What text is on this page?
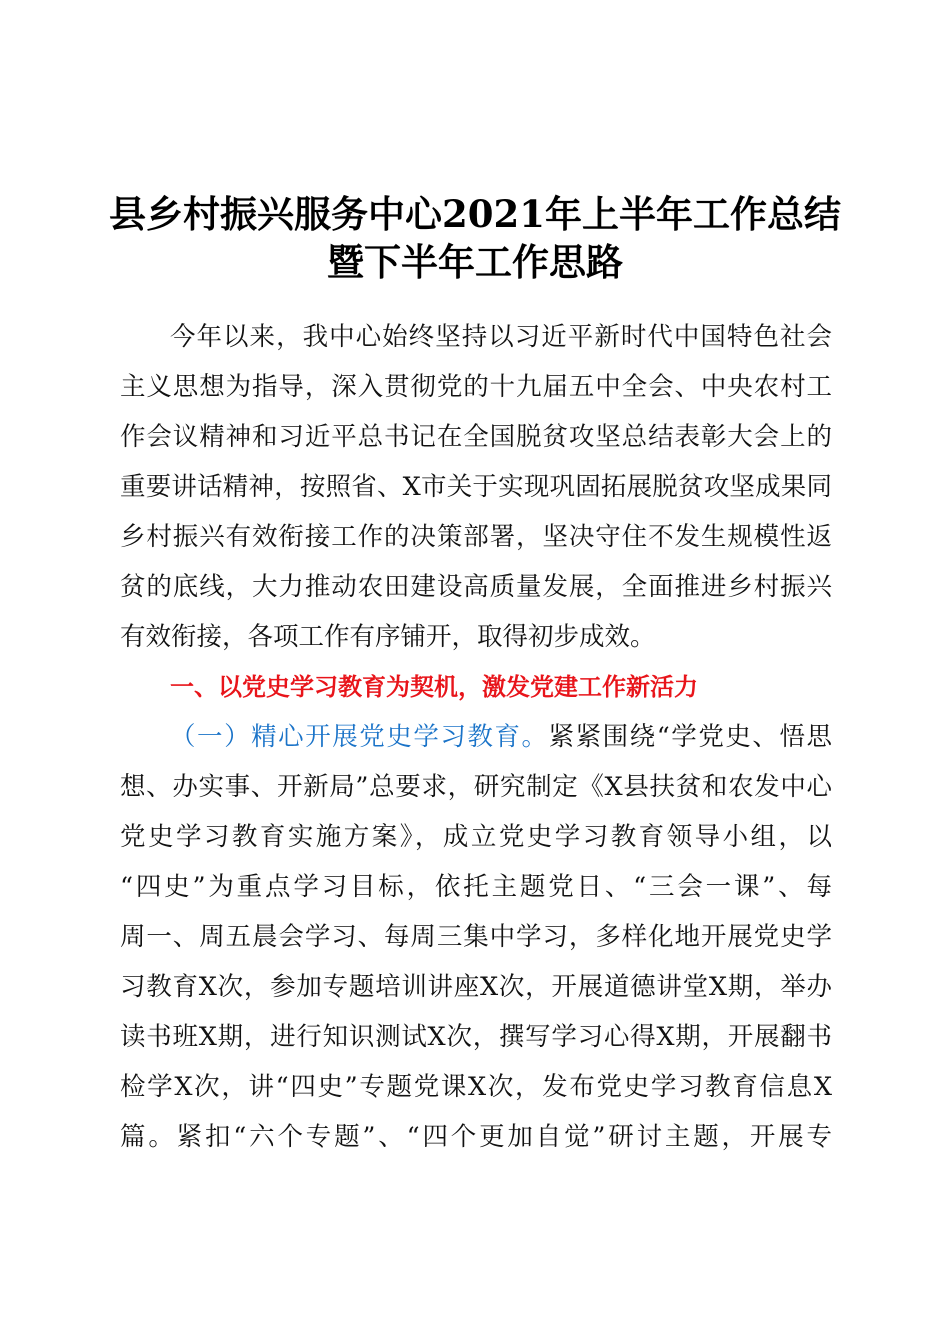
县乡村振兴服务中心2021年上半年工作总结
暨下半年工作思路
今年以来，我中心始终坚持以习近平新时代中国特色社会
主义思想为指导，深入贯彻党的十九届五中全会、中央农村工
作会议精神和习近平总书记在全国脱贫攻坚总结表彰大会上的
重要讲话精神，按照省、X市关于实现巩固拓展脱贫攻坚成果同
乡村振兴有效衔接工作的决策部署，坚决守住不发生规模性返
贫的底线，大力推动农田建设高质量发展，全面推进乡村振兴
有效衔接，各项工作有序铺开，取得初步成效。
一、以党史学习教育为契机，激发党建工作新活力
（一）精心开展党史学习教育。紧紧围绕“学党史、悟思
想、办实事、开新局”总要求，研究制定《X县扶贫和农发中心
党史学习教育实施方案》，成立党史学习教育领导小组，以
“四史”为重点学习目标，依托主题党日、“三会一课”、每
周一、周五晨会学习、每周三集中学习，多样化地开展党史学
习教育X次，参加专题培训讲座X次，开展道德讲堂X期，举办
读书班X期，进行知识测试X次，撰写学习心得X期，开展翻书
检学X次，讲“四史”专题党课X次，发布党史学习教育信息X
篇。紧扣“六个专题”、“四个更加自觉”研讨主题，开展专
